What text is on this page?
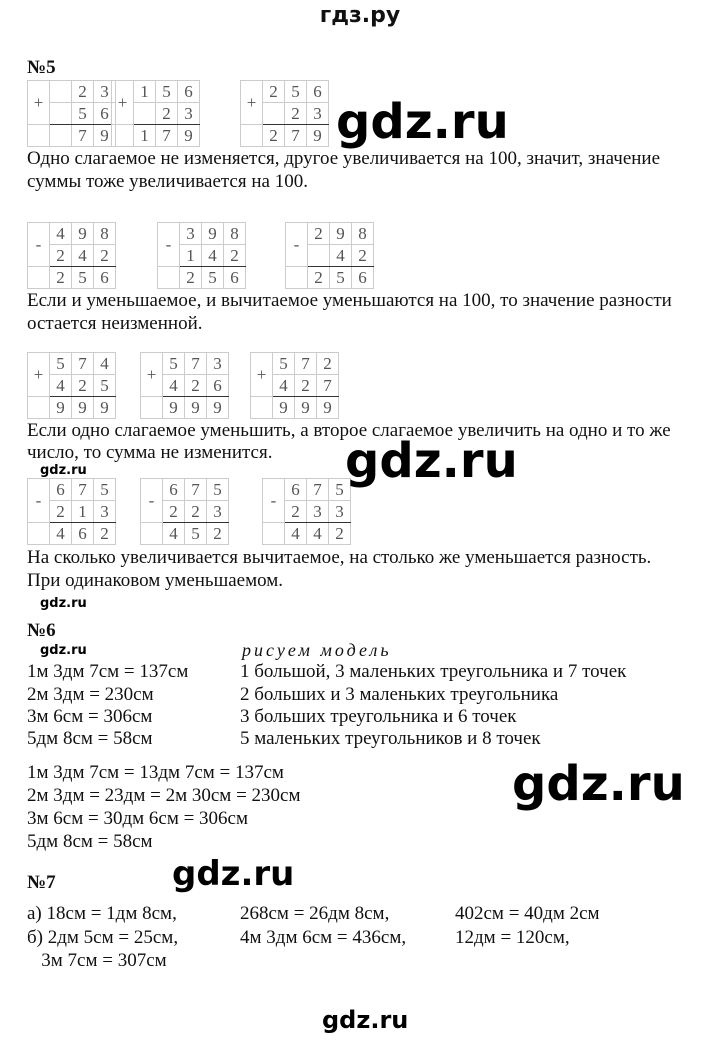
гдз.ру
№5
+		2	3
		5	6
		7	9
+	1	5	6
		2	3
	1	7	9
+	2	5	6
		2	3
	2	7	9
-	4	9	8
	2	4	2
	2	5	6
-	3	9	8
	1	4	2
	2	5	6
-	2	9	8
		4	2
	2	5	6
+	5	7	4
	4	2	5
	9	9	9
+	5	7	3
	4	2	6
	9	9	9
+	5	7	2
	4	2	7
	9	9	9
-	6	7	5
	2	1	3
	4	6	2
-	6	7	5
	2	2	3
	4	5	2
-	6	7	5
	2	3	3
	4	4	2
Одно слагаемое не изменяется, другое увеличивается на 100, значит, значение
суммы тоже увеличивается на 100.
Если и уменьшаемое, и вычитаемое уменьшаются на 100, то значение разности
остается неизменной.
Если одно слагаемое уменьшить, а второе слагаемое увеличить на одно и то же
число, то сумма не изменится.
На сколько увеличивается вычитаемое, на столько же уменьшается разность.
При одинаковом уменьшаемом.
№6
рисуем модель
1м 3дм 7см = 137см	1 большой, 3 маленьких треугольника и 7 точек
2м 3дм = 230см	2 больших и 3 маленьких треугольника
3м 6см = 306см	3 больших треугольника и 6 точек
5дм 8см = 58см	5 маленьких треугольников и 8 точек
1м 3дм 7см = 13дм 7см = 137см
2м 3дм = 23дм = 2м 30см = 230см
3м 6см = 30дм 6см = 306см
5дм 8см = 58см
№7
а) 18см = 1дм 8см,	268см = 26дм 8см,	402см = 40дм 2см
б) 2дм 5см = 25см,	4м 3дм 6см = 436см,	12дм = 120см,
3м 7см = 307см
gdz.ru
gdz.ru
gdz.ru
gdz.ru
gdz.ru
gdz.ru
gdz.ru
gdz.ru
